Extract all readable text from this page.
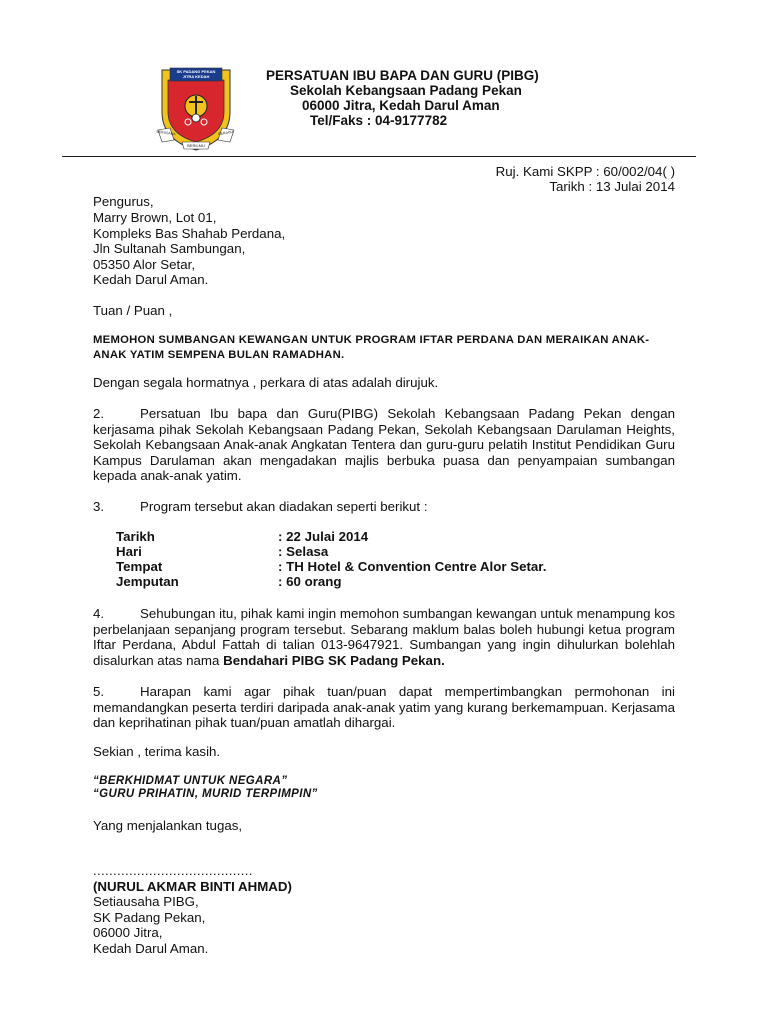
SK PADANG PEKAN JITRA KEDAH
BERUSAHA
BERILMU
BERJAYA
PERSATUAN IBU BAPA DAN GURU (PIBG)
Sekolah Kebangsaan Padang Pekan
06000 Jitra, Kedah Darul Aman
Tel/Faks : 04-9177782
Ruj. Kami SKPP : 60/002/04( )
Tarikh : 13 Julai 2014
Pengurus,
Marry Brown, Lot 01,
Kompleks Bas Shahab Perdana,
Jln Sultanah Sambungan,
05350 Alor Setar,
Kedah Darul Aman.
Tuan / Puan ,
MEMOHON SUMBANGAN KEWANGAN UNTUK PROGRAM IFTAR PERDANA DAN MERAIKAN ANAK-ANAK YATIM SEMPENA BULAN RAMADHAN.
Dengan segala hormatnya , perkara di atas adalah dirujuk.
2.	Persatuan Ibu bapa dan Guru(PIBG) Sekolah Kebangsaan Padang Pekan dengan kerjasama pihak Sekolah Kebangsaan Padang Pekan, Sekolah Kebangsaan Darulaman Heights, Sekolah Kebangsaan Anak-anak Angkatan Tentera dan guru-guru pelatih Institut Pendidikan Guru Kampus Darulaman akan mengadakan majlis berbuka puasa dan penyampaian sumbangan kepada anak-anak yatim.
3.	Program tersebut akan diadakan seperti berikut :
Tarikh	: 22 Julai 2014
Hari	: Selasa
Tempat	: TH Hotel & Convention Centre Alor Setar.
Jemputan	: 60 orang
4.	Sehubungan itu, pihak kami ingin memohon sumbangan kewangan untuk menampung kos perbelanjaan sepanjang program tersebut. Sebarang maklum balas boleh hubungi ketua program Iftar Perdana, Abdul Fattah di talian 013-9647921. Sumbangan yang ingin dihulurkan bolehlah disalurkan atas nama Bendahari PIBG SK Padang Pekan.
5.	Harapan kami agar pihak tuan/puan dapat mempertimbangkan permohonan ini memandangkan peserta terdiri daripada anak-anak yatim yang kurang berkemampuan. Kerjasama dan keprihatinan pihak tuan/puan amatlah dihargai.
Sekian , terima kasih.
“BERKHIDMAT UNTUK NEGARA”
“GURU PRIHATIN, MURID TERPIMPIN”
Yang menjalankan tugas,
........................................
(NURUL AKMAR BINTI AHMAD)
Setiausaha PIBG,
SK Padang Pekan,
06000 Jitra,
Kedah Darul Aman.
